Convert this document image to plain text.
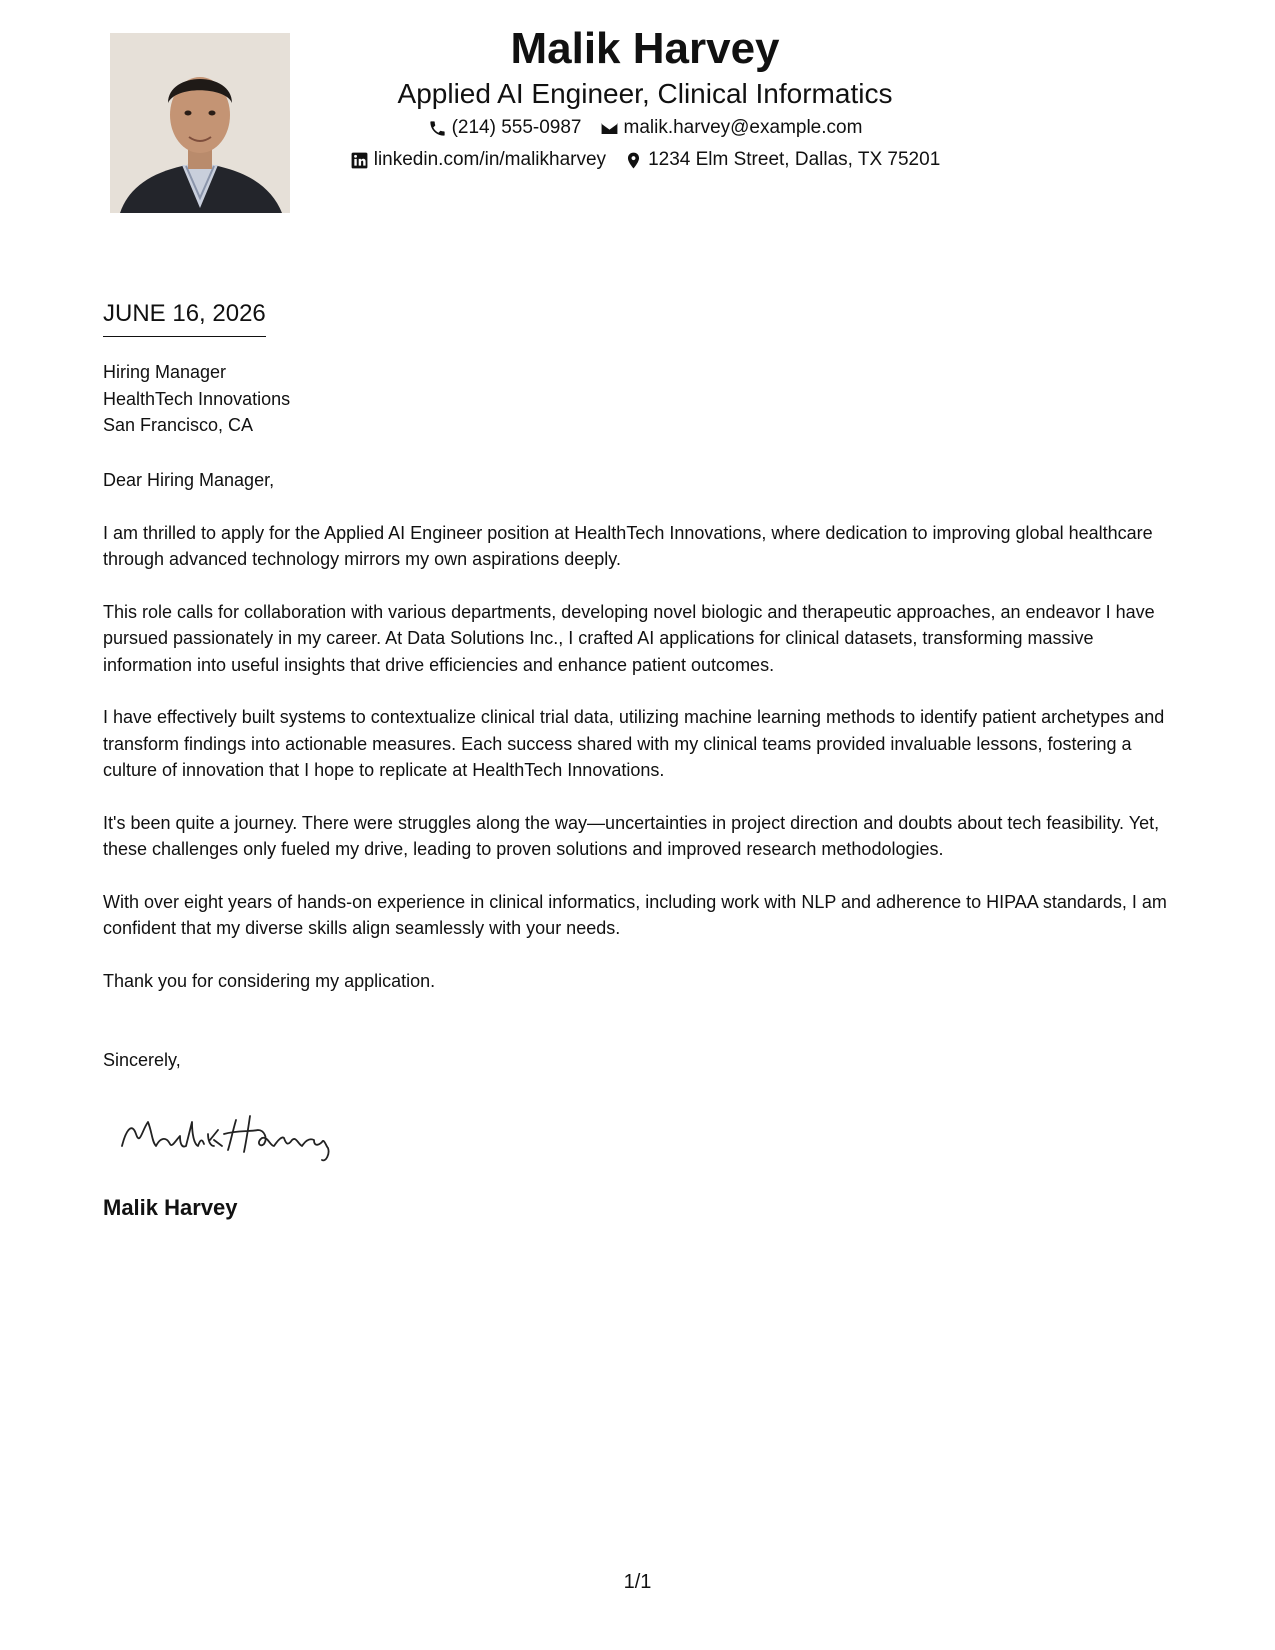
Malik Harvey
Applied AI Engineer, Clinical Informatics
(214) 555-0987 malik.harvey@example.com
linkedin.com/in/malikharvey 1234 Elm Street, Dallas, TX 75201
JUNE 16, 2026
Hiring Manager
HealthTech Innovations
San Francisco, CA

Dear Hiring Manager,

I am thrilled to apply for the Applied AI Engineer position at HealthTech Innovations, where dedication to improving global healthcare through advanced technology mirrors my own aspirations deeply.

This role calls for collaboration with various departments, developing novel biologic and therapeutic approaches, an endeavor I have pursued passionately in my career. At Data Solutions Inc., I crafted AI applications for clinical datasets, transforming massive information into useful insights that drive efficiencies and enhance patient outcomes.

I have effectively built systems to contextualize clinical trial data, utilizing machine learning methods to identify patient archetypes and transform findings into actionable measures. Each success shared with my clinical teams provided invaluable lessons, fostering a culture of innovation that I hope to replicate at HealthTech Innovations.

It's been quite a journey. There were struggles along the way—uncertainties in project direction and doubts about tech feasibility. Yet, these challenges only fueled my drive, leading to proven solutions and improved research methodologies.

With over eight years of hands-on experience in clinical informatics, including work with NLP and adherence to HIPAA standards, I am confident that my diverse skills align seamlessly with your needs.

Thank you for considering my application.

Sincerely,
Malik Harvey
1/1
